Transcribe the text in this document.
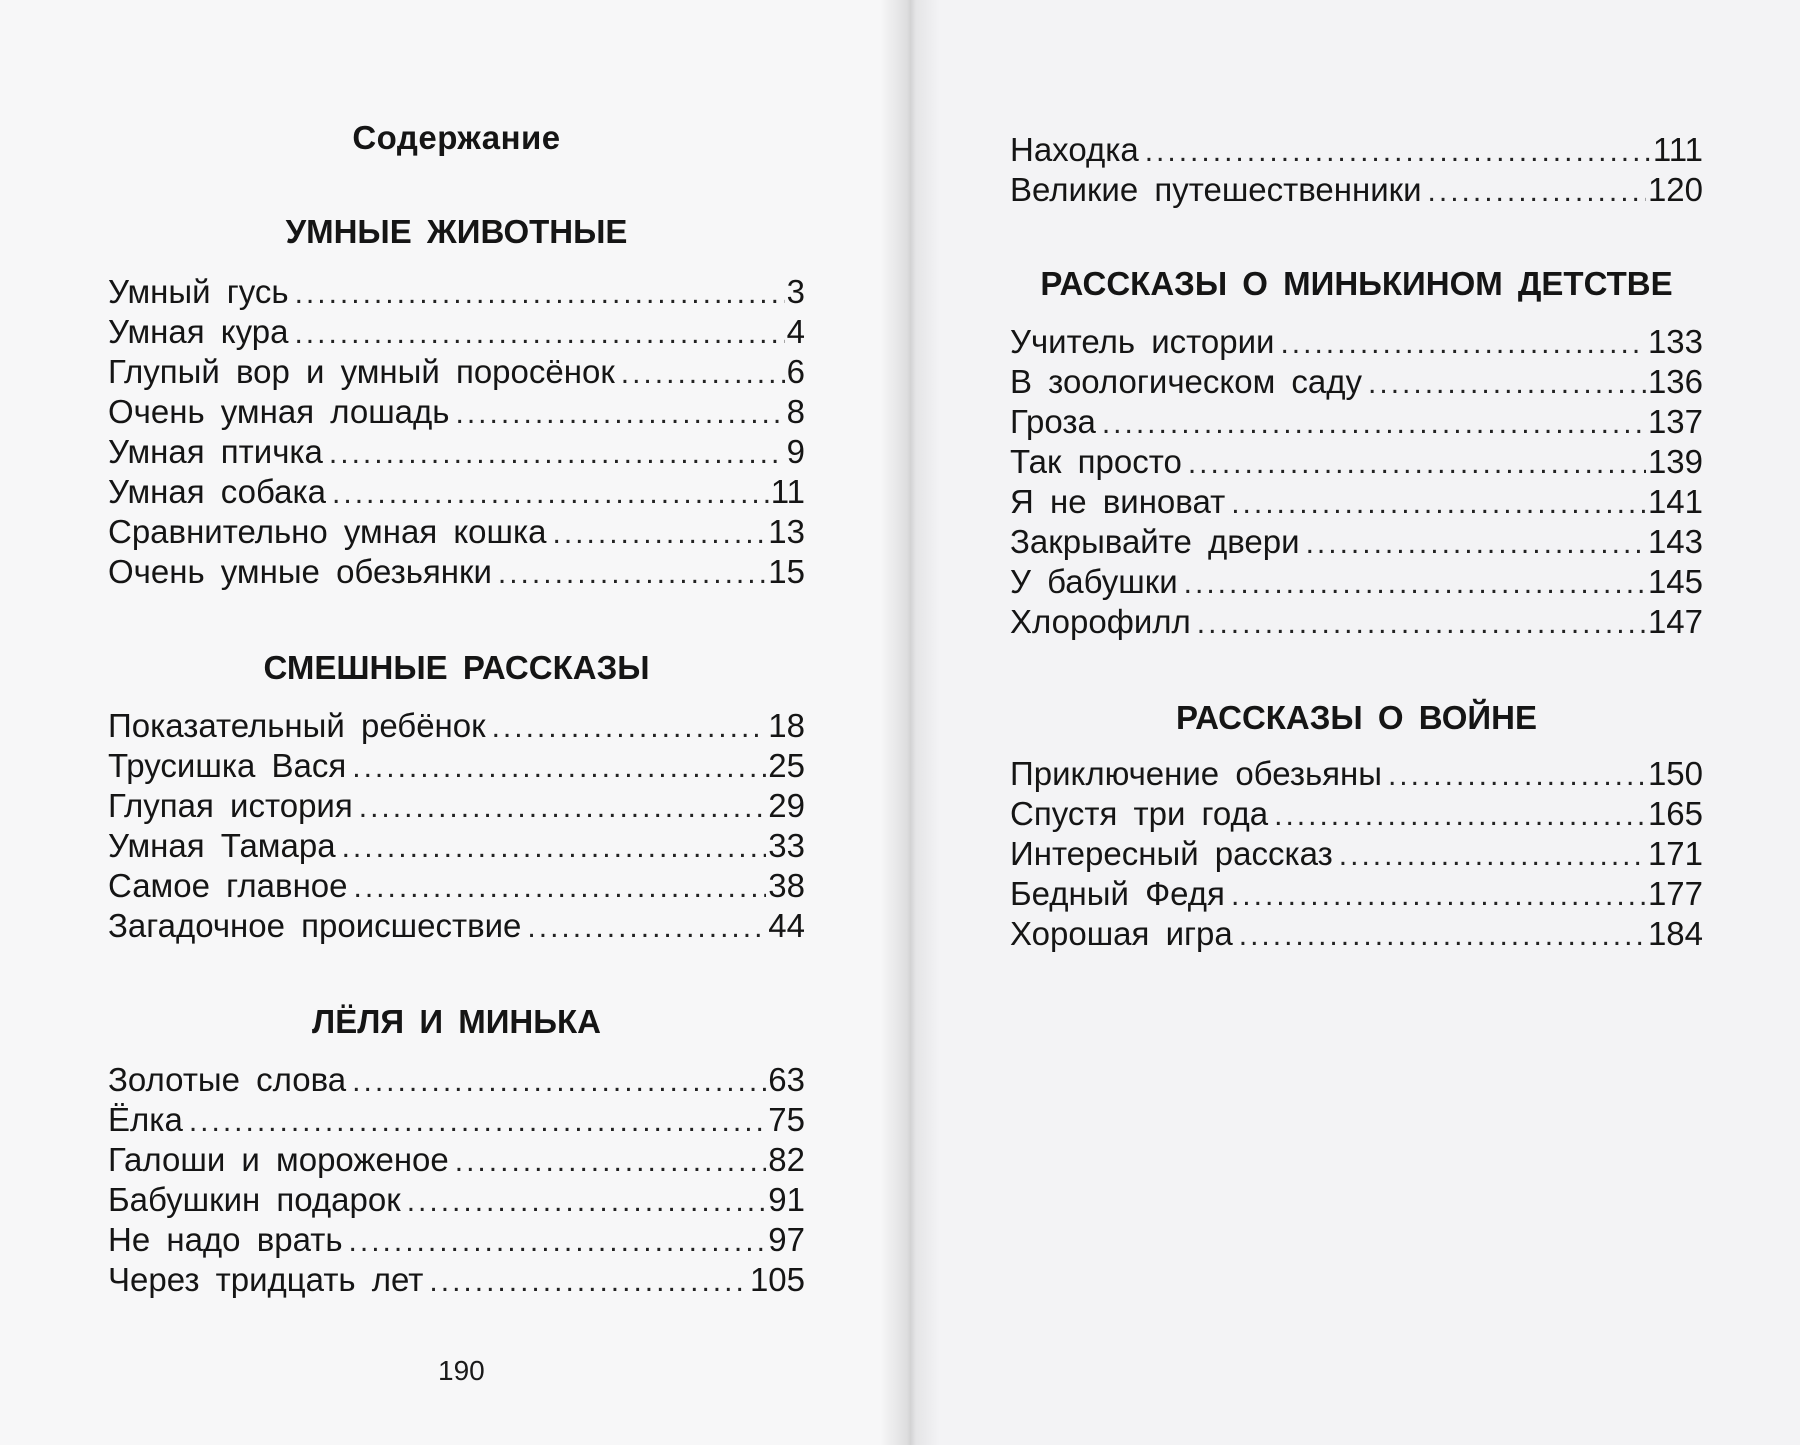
Содержание
УМНЫЕ ЖИВОТНЫЕ
Умный гусь .....	3
Умная кура .....	4
Глупый вор и умный поросёнок .....	6
Очень умная лошадь .....	8
Умная птичка .....	9
Умная собака .....	11
Сравнительно умная кошка .....	13
Очень умные обезьянки .....	15
СМЕШНЫЕ РАССКАЗЫ
Показательный ребёнок .....	18
Трусишка Вася .....	25
Глупая история .....	29
Умная Тамара .....	33
Самое главное .....	38
Загадочное происшествие .....	44
ЛЁЛЯ И МИНЬКА
Золотые слова .....	63
Ёлка .....	75
Галоши и мороженое .....	82
Бабушкин подарок .....	91
Не надо врать .....	97
Через тридцать лет .....	105
190
Находка .....	111
Великие путешественники .....	120
РАССКАЗЫ О МИНЬКИНОМ ДЕТСТВЕ
Учитель истории .....	133
В зоологическом саду .....	136
Гроза .....	137
Так просто .....	139
Я не виноват .....	141
Закрывайте двери .....	143
У бабушки .....	145
Хлорофилл .....	147
РАССКАЗЫ О ВОЙНЕ
Приключение обезьяны .....	150
Спустя три года .....	165
Интересный рассказ .....	171
Бедный Федя .....	177
Хорошая игра .....	184
